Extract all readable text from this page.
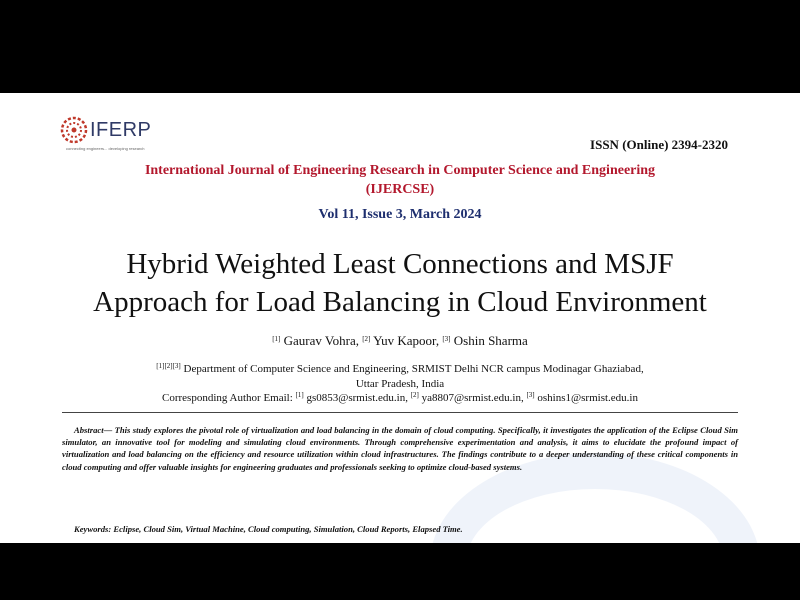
IFERP
connecting engineers... developing research	ISSN (Online) 2394-2320
International Journal of Engineering Research in Computer Science and Engineering
(IJERCSE)
Vol 11, Issue 3, March 2024
Hybrid Weighted Least Connections and MSJF
Approach for Load Balancing in Cloud Environment
[1] Gaurav Vohra, [2] Yuv Kapoor, [3] Oshin Sharma
[1][2][3] Department of Computer Science and Engineering, SRMIST Delhi NCR campus Modinagar Ghaziabad,
Uttar Pradesh, India
Corresponding Author Email: [1] gs0853@srmist.edu.in, [2] ya8807@srmist.edu.in, [3] oshins1@srmist.edu.in
Abstract— This study explores the pivotal role of virtualization and load balancing in the domain of cloud computing. Specifically, it investigates the application of the Eclipse Cloud Sim simulator, an innovative tool for modeling and simulating cloud environments. Through comprehensive experimentation and analysis, it aims to elucidate the profound impact of virtualization and load balancing on the efficiency and resource utilization within cloud infrastructures. The findings contribute to a deeper understanding of these critical components in cloud computing and offer valuable insights for engineering graduates and professionals seeking to optimize cloud-based systems.
Keywords: Eclipse, Cloud Sim, Virtual Machine, Cloud computing, Simulation, Cloud Reports, Elapsed Time.
